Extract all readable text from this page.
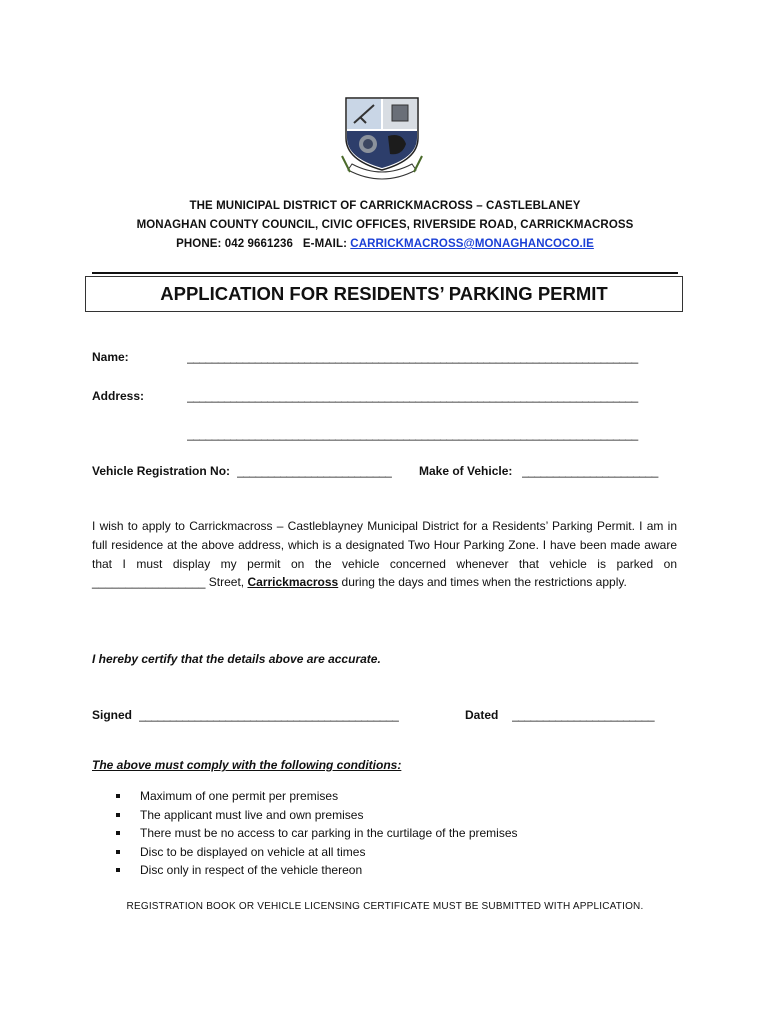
THE MUNICIPAL DISTRICT OF CARRICKMACROSS – CASTLEBLANEY
MONAGHAN COUNTY COUNCIL, CIVIC OFFICES, RIVERSIDE ROAD, CARRICKMACROSS
PHONE: 042 9661236   E-MAIL: CARRICKMACROSS@MONAGHANCOCO.IE
APPLICATION FOR RESIDENTS’ PARKING PERMIT
Name:	_________________________________________________________________________
Address:	_________________________________________________________________________
_________________________________________________________________________
Vehicle Registration No: _________________________	Make of Vehicle: ______________________
I wish to apply to Carrickmacross – Castleblayney Municipal District for a Residents’ Parking Permit. I am in full residence at the above address, which is a designated Two Hour Parking Zone. I have been made aware that I must display my permit on the vehicle concerned whenever that vehicle is parked on _________________ Street, Carrickmacross during the days and times when the restrictions apply.
I hereby certify that the details above are accurate.
Signed __________________________________________	Dated _______________________
The above must comply with the following conditions:
Maximum of one permit per premises
The applicant must live and own premises
There must be no access to car parking in the curtilage of the premises
Disc to be displayed on vehicle at all times
Disc only in respect of the vehicle thereon
REGISTRATION BOOK OR VEHICLE LICENSING CERTIFICATE MUST BE SUBMITTED WITH APPLICATION.
